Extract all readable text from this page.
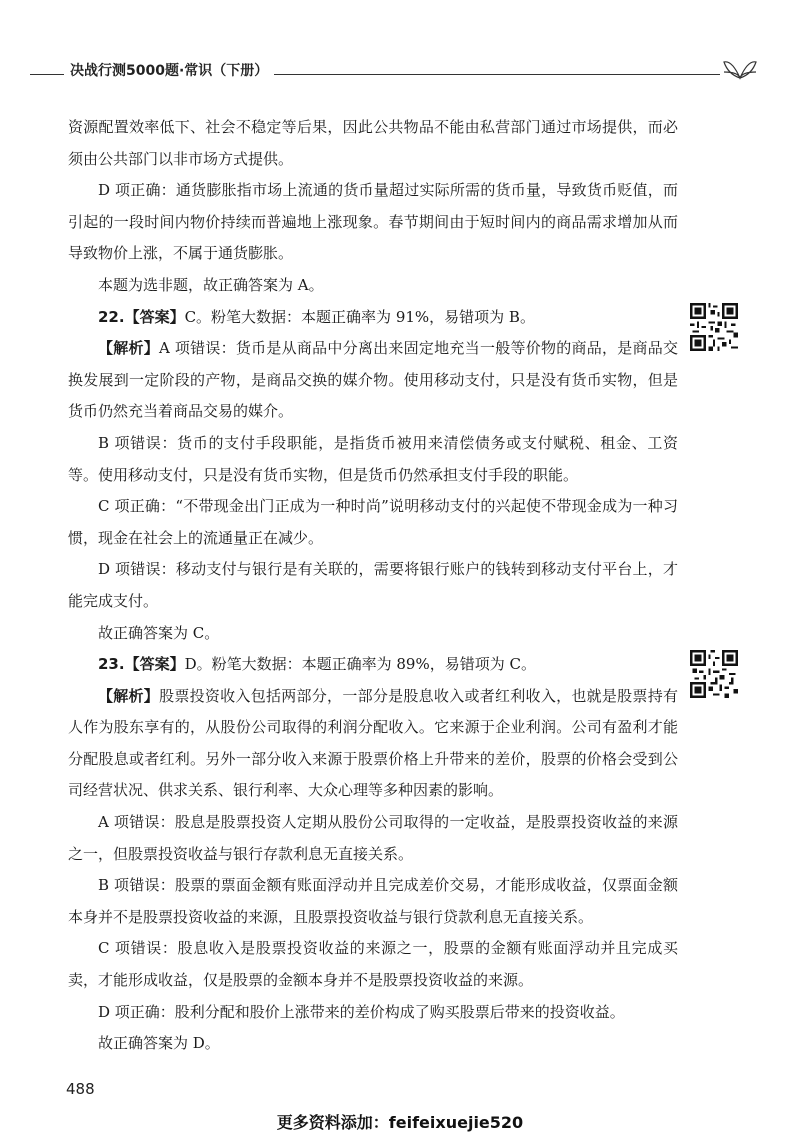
决战行测5000题·常识（下册）

资源配置效率低下、社会不稳定等后果，因此公共物品不能由私营部门通过市场提供，而必须由公共部门以非市场方式提供。

D 项正确：通货膨胀指市场上流通的货币量超过实际所需的货币量，导致货币贬值，而引起的一段时间内物价持续而普遍地上涨现象。春节期间由于短时间内的商品需求增加从而导致物价上涨，不属于通货膨胀。

本题为选非题，故正确答案为 A。

22.【答案】C。粉笔大数据：本题正确率为 91%，易错项为 B。

【解析】A 项错误：货币是从商品中分离出来固定地充当一般等价物的商品，是商品交换发展到一定阶段的产物，是商品交换的媒介物。使用移动支付，只是没有货币实物，但是货币仍然充当着商品交易的媒介。

B 项错误：货币的支付手段职能，是指货币被用来清偿债务或支付赋税、租金、工资等。使用移动支付，只是没有货币实物，但是货币仍然承担支付手段的职能。

C 项正确：“不带现金出门正成为一种时尚”说明移动支付的兴起使不带现金成为一种习惯，现金在社会上的流通量正在减少。

D 项错误：移动支付与银行是有关联的，需要将银行账户的钱转到移动支付平台上，才能完成支付。

故正确答案为 C。

23.【答案】D。粉笔大数据：本题正确率为 89%，易错项为 C。

【解析】股票投资收入包括两部分，一部分是股息收入或者红利收入，也就是股票持有人作为股东享有的，从股份公司取得的利润分配收入。它来源于企业利润。公司有盈利才能分配股息或者红利。另外一部分收入来源于股票价格上升带来的差价，股票的价格会受到公司经营状况、供求关系、银行利率、大众心理等多种因素的影响。

A 项错误：股息是股票投资人定期从股份公司取得的一定收益，是股票投资收益的来源之一，但股票投资收益与银行存款利息无直接关系。

B 项错误：股票的票面金额有账面浮动并且完成差价交易，才能形成收益，仅票面金额本身并不是股票投资收益的来源，且股票投资收益与银行贷款利息无直接关系。

C 项错误：股息收入是股票投资收益的来源之一，股票的金额有账面浮动并且完成买卖，才能形成收益，仅是股票的金额本身并不是股票投资收益的来源。

D 项正确：股利分配和股价上涨带来的差价构成了购买股票后带来的投资收益。

故正确答案为 D。

488
更多资料添加：feifeixuejie520
